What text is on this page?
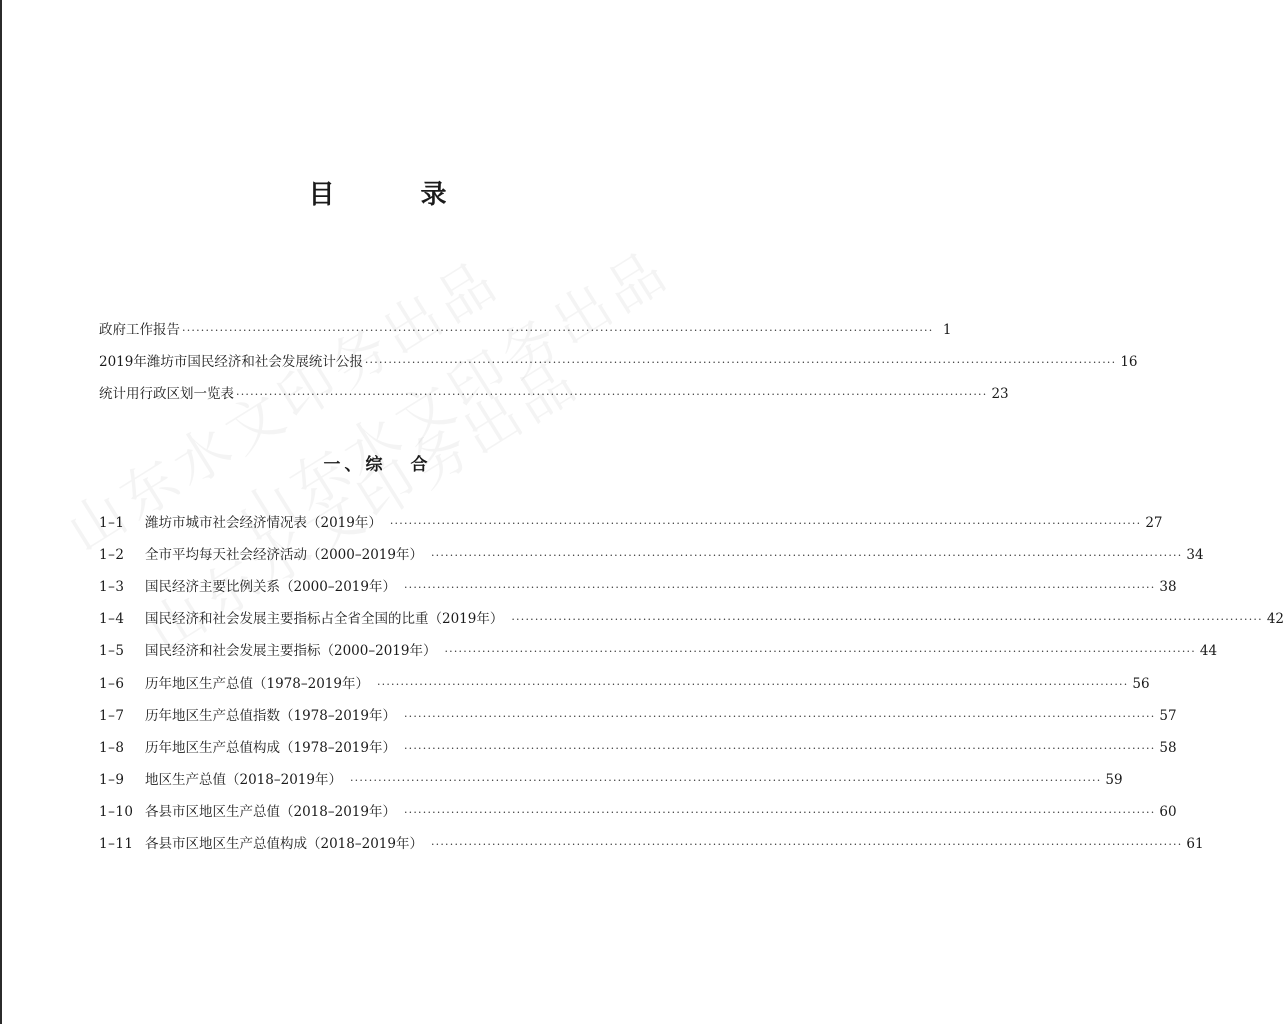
目　录
政府工作报告 ································································································································································ 1
2019年潍坊市国民经济和社会发展统计公报 ································································································································································ 16
统计用行政区划一览表 ································································································································································ 23
一、综 合
1–1	潍坊市城市社会经济情况表（2019年） ································································································································································ 27
1–2	全市平均每天社会经济活动（2000–2019年） ································································································································································ 34
1–3	国民经济主要比例关系（2000–2019年） ································································································································································ 38
1–4	国民经济和社会发展主要指标占全省全国的比重（2019年） ································································································································································ 42
1–5	国民经济和社会发展主要指标（2000–2019年） ································································································································································ 44
1–6	历年地区生产总值（1978–2019年） ································································································································································ 56
1–7	历年地区生产总值指数（1978–2019年） ································································································································································ 57
1–8	历年地区生产总值构成（1978–2019年） ································································································································································ 58
1–9	地区生产总值（2018–2019年） ································································································································································ 59
1–10 各县市区地区生产总值（2018–2019年） ································································································································································ 60
1–11 各县市区地区生产总值构成（2018–2019年） ································································································································································ 61
